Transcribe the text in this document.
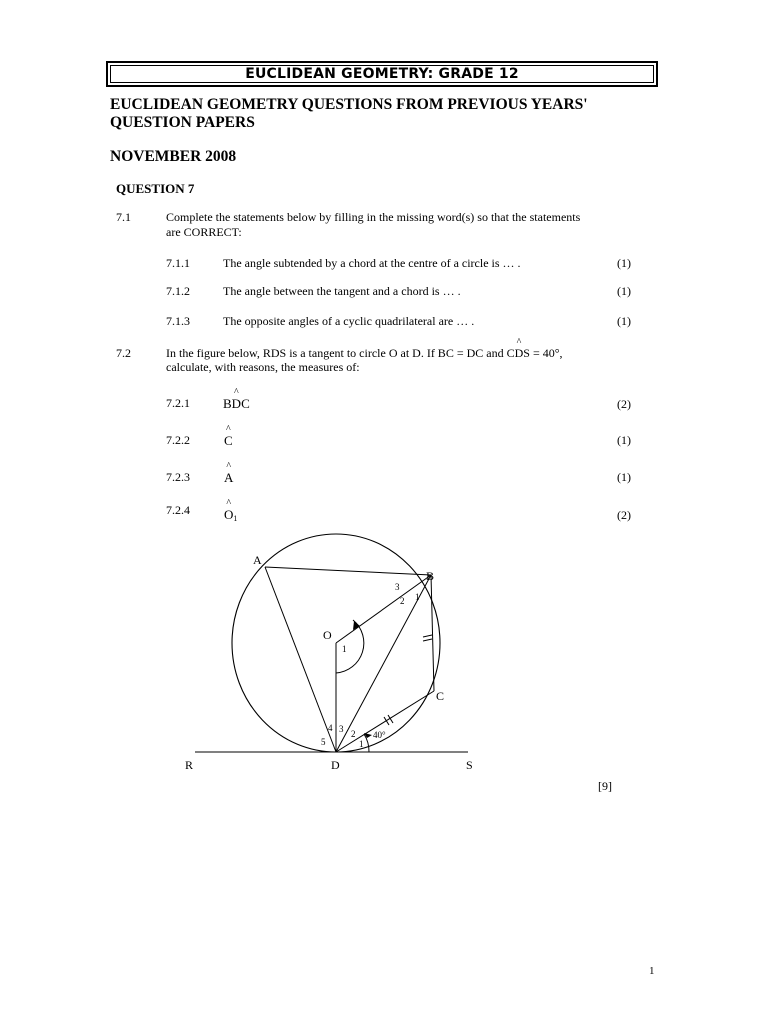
EUCLIDEAN GEOMETRY: GRADE 12
EUCLIDEAN GEOMETRY QUESTIONS FROM PREVIOUS YEARS'
QUESTION PAPERS
NOVEMBER 2008
QUESTION 7
7.1	Complete the statements below by filling in the missing word(s) so that the statements
are CORRECT:
7.1.1	The angle subtended by a chord at the centre of a circle is … .	(1)
7.1.2	The angle between the tangent and a chord is … .	(1)
7.1.3	The opposite angles of a cyclic quadrilateral are … .	(1)
7.2	In the figure below, RDS is a tangent to circle O at D. If BC = DC and C^ DS = 40°,
calculate, with reasons, the measures of:
7.2.1	B^ DC	(2)
7.2.2	^ C	(1)
7.2.3	^ A	(1)
7.2.4	^ O1	(2)
A
B
C
D
O
R	S
3
2 1
1
4
5
3 2
1
40°
[9]
1
